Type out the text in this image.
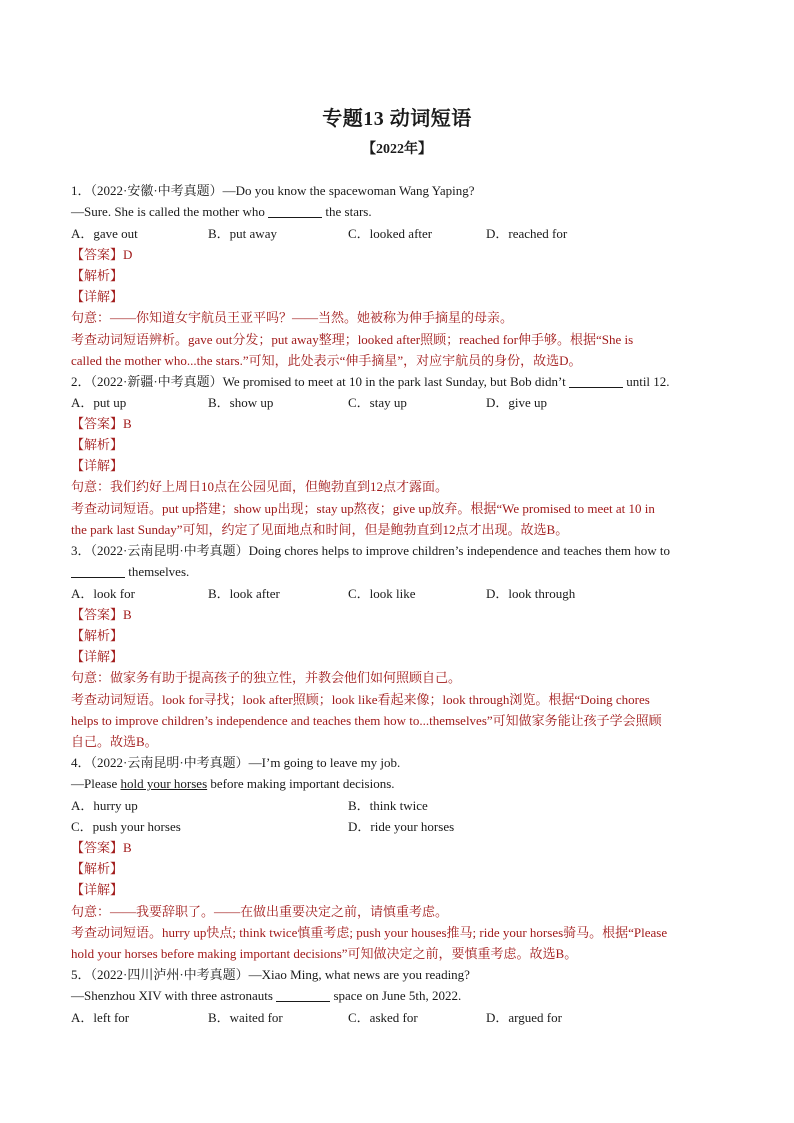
专题13 动词短语
【2022年】
1．（2022·安徽·中考真题）—Do you know the spacewoman Wang Yaping?
—Sure. She is called the mother who	the stars.
A．gave out	B．put away	C．looked after	D．reached for
【答案】D
【解析】
【详解】
句意：——你知道女宇航员王亚平吗？——当然。她被称为伸手摘星的母亲。
考查动词短语辨析。gave out分发；put away整理；looked after照顾；reached for伸手够。根据“She is
called the mother who...the stars.”可知，此处表示“伸手摘星”，对应宇航员的身份，故选D。
2．（2022·新疆·中考真题）We promised to meet at 10 in the park last Sunday, but Bob didn’t	until 12.
A．put up	B．show up	C．stay up	D．give up
【答案】B
【解析】
【详解】
句意：我们约好上周日10点在公园见面，但鲍勃直到12点才露面。
考查动词短语。put up搭建；show up出现；stay up熬夜；give up放弃。根据“We promised to meet at 10 in
the park last Sunday”可知，约定了见面地点和时间，但是鲍勃直到12点才出现。故选B。
3．（2022·云南昆明·中考真题）Doing chores helps to improve children’s independence and teaches them how to
themselves.
A．look for	B．look after	C．look like	D．look through
【答案】B
【解析】
【详解】
句意：做家务有助于提高孩子的独立性，并教会他们如何照顾自己。
考查动词短语。look for寻找；look after照顾；look like看起来像；look through浏览。根据“Doing chores
helps to improve children’s independence and teaches them how to...themselves”可知做家务能让孩子学会照顾
自己。故选B。
4．（2022·云南昆明·中考真题）—I’m going to leave my job.
—Please hold your horses before making important decisions.
A．hurry up	B．think twice
C．push your horses	D．ride your horses
【答案】B
【解析】
【详解】
句意：——我要辞职了。——在做出重要决定之前，请慎重考虑。
考查动词短语。hurry up快点; think twice慎重考虑; push your houses推马; ride your horses骑马。根据“Please
hold your horses before making important decisions”可知做决定之前，要慎重考虑。故选B。
5．（2022·四川泸州·中考真题）—Xiao Ming, what news are you reading?
—Shenzhou XIV with three astronauts	space on June 5th, 2022.
A．left for	B．waited for	C．asked for	D．argued for
